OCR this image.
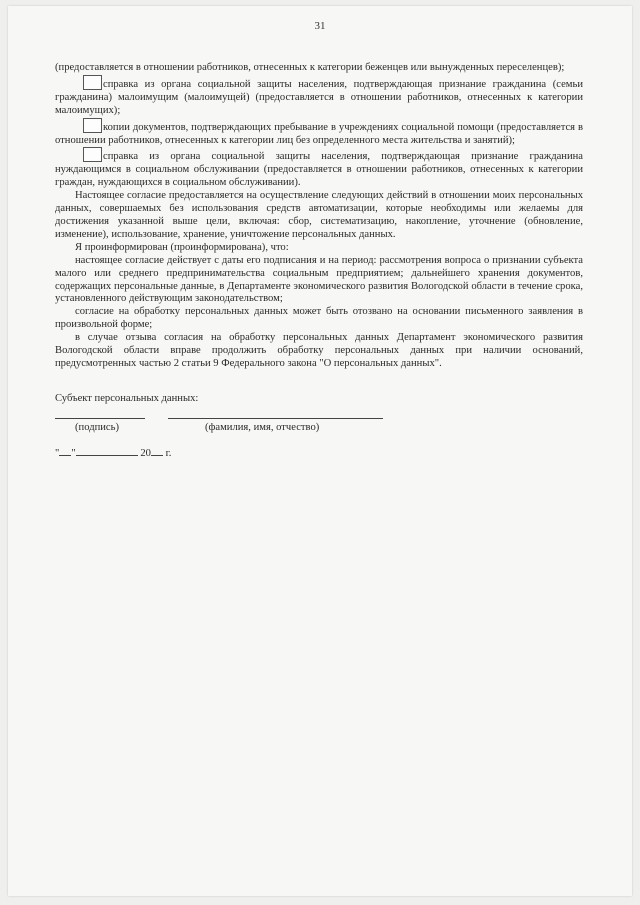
31

(предоставляется в отношении работников, отнесенных к категории беженцев или вынужденных переселенцев);

справка из органа социальной защиты населения, подтверждающая признание гражданина (семьи гражданина) малоимущим (малоимущей) (предоставляется в отношении работников, отнесенных к категории малоимущих);

копии документов, подтверждающих пребывание в учреждениях социальной помощи (предоставляется в отношении работников, отнесенных к категории лиц без определенного места жительства и занятий);

справка из органа социальной защиты населения, подтверждающая признание гражданина нуждающимся в социальном обслуживании (предоставляется в отношении работников, отнесенных к категории граждан, нуждающихся в социальном обслуживании).

Настоящее согласие предоставляется на осуществление следующих действий в отношении моих персональных данных, совершаемых без использования средств автоматизации, которые необходимы или желаемы для достижения указанной выше цели, включая: сбор, систематизацию, накопление, уточнение (обновление, изменение), использование, хранение, уничтожение персональных данных.

Я проинформирован (проинформирована), что:

настоящее согласие действует с даты его подписания и на период: рассмотрения вопроса о признании субъекта малого или среднего предпринимательства социальным предприятием; дальнейшего хранения документов, содержащих персональные данные, в Департаменте экономического развития Вологодской области в течение срока, установленного действующим законодательством;

согласие на обработку персональных данных может быть отозвано на основании письменного заявления в произвольной форме;

в случае отзыва согласия на обработку персональных данных Департамент экономического развития Вологодской области вправе продолжить обработку персональных данных при наличии оснований, предусмотренных частью 2 статьи 9 Федерального закона "О персональных данных".

Субъект персональных данных:

(подпись)	(фамилия, имя, отчество)

" "	20 г.
